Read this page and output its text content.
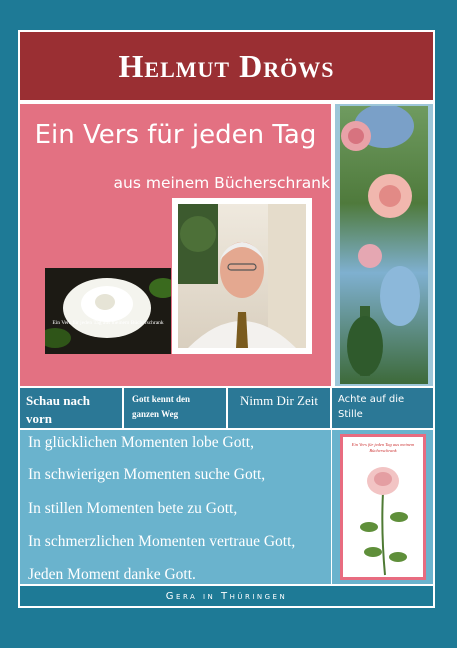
Helmut Dröws
Ein Vers für jeden Tag
aus meinem Bücherschrank
Ein Vers für jeden Tag aus meinem Bücherschrank
Schau nach vorn
Gott kennt den ganzen Weg
Nimm Dir Zeit	Achte auf die Stille
In glücklichen Momenten lobe Gott,
In schwierigen Momenten suche Gott,
In stillen Momenten bete zu Gott,
In schmerzlichen Momenten vertraue Gott,
Jeden Moment danke Gott.
Ein Vers für jeden Tag aus meinem Bücherschrank
Gera in Thüringen
